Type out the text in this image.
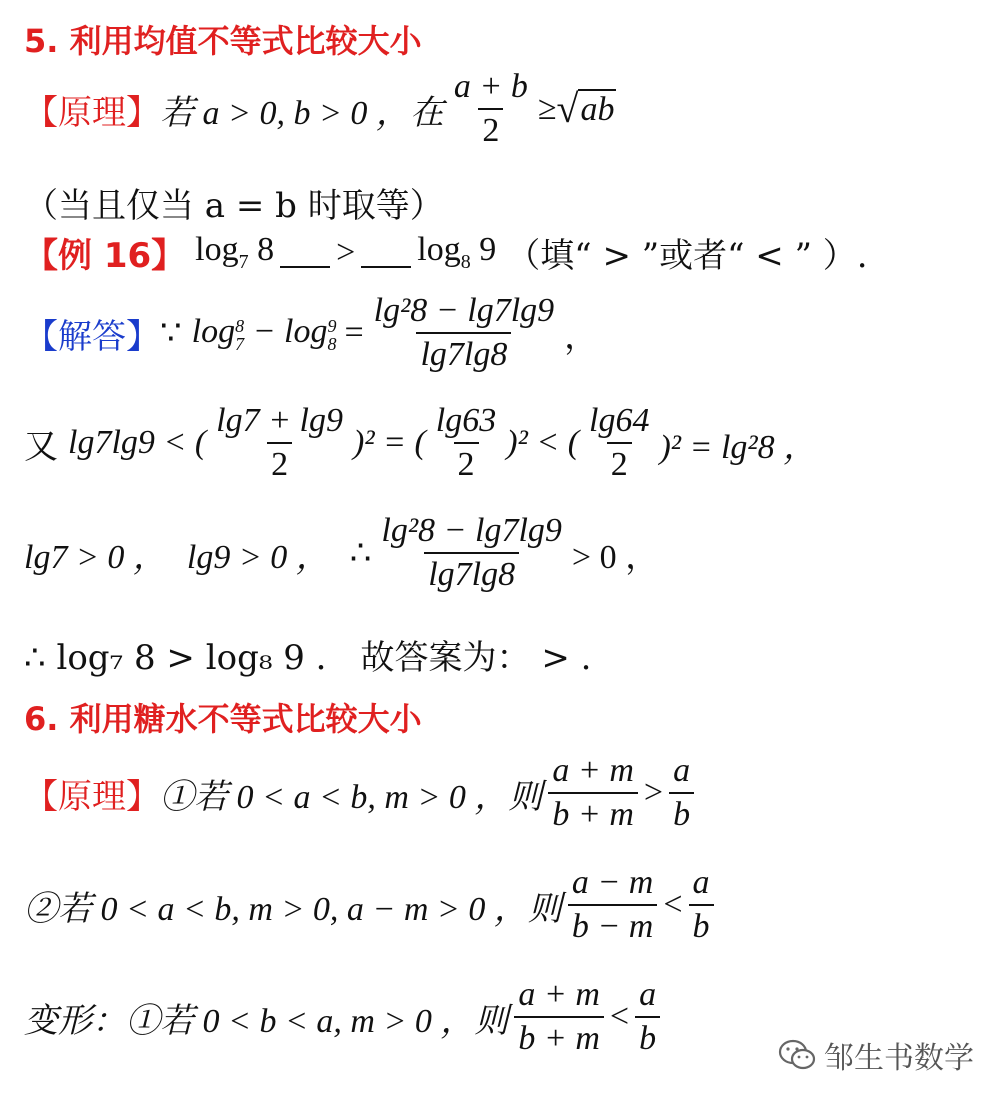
5. 利用均值不等式比较大小
【原理】 若 a > 0, b > 0 ，在 $\frac{a + b}{2}$ ≥ √ ab
（当且仅当 a = b 时取等）
【例 16】 $\log_7 8 > \log_8 9$ （填“ > ”或者“ < ” ）.
【解答】 ∵ log 8
7 − log 9
$8 = \frac{\text{lg²8 − lg7lg9}}{\lg 7\lg 8}$ ，
又 lg7lg9 < ( $\frac{\lg 7 + \lg 9}{2} )^2$ = ( $\frac{\lg 63}{2} )^2$ < ( $\frac{\lg 64}{2} )^2 = \lg^28$ ，
lg7 > 0 ， lg9 > 0 ， ∴ $\frac{\text{lg²8 − lg7lg9}}{\lg 7\lg 8} > 0$ ，
∴ log₇ 8 > log₈ 9 ． 故答案为： > .
6. 利用糖水不等式比较大小
【原理】 ①若 0 < a < b, m > 0 ，则 $\frac{a + m}{b + m} > \frac{a}{b}$
②若 0 < a < b, m > 0, a − m > 0 ，则 $\frac{a - m}{b - m} < \frac{a}{b}$
变形：①若 0 < b < a, m > 0 ，则 $\frac{a + m}{b + m} < \frac{a}{b}$
邹生书数学
